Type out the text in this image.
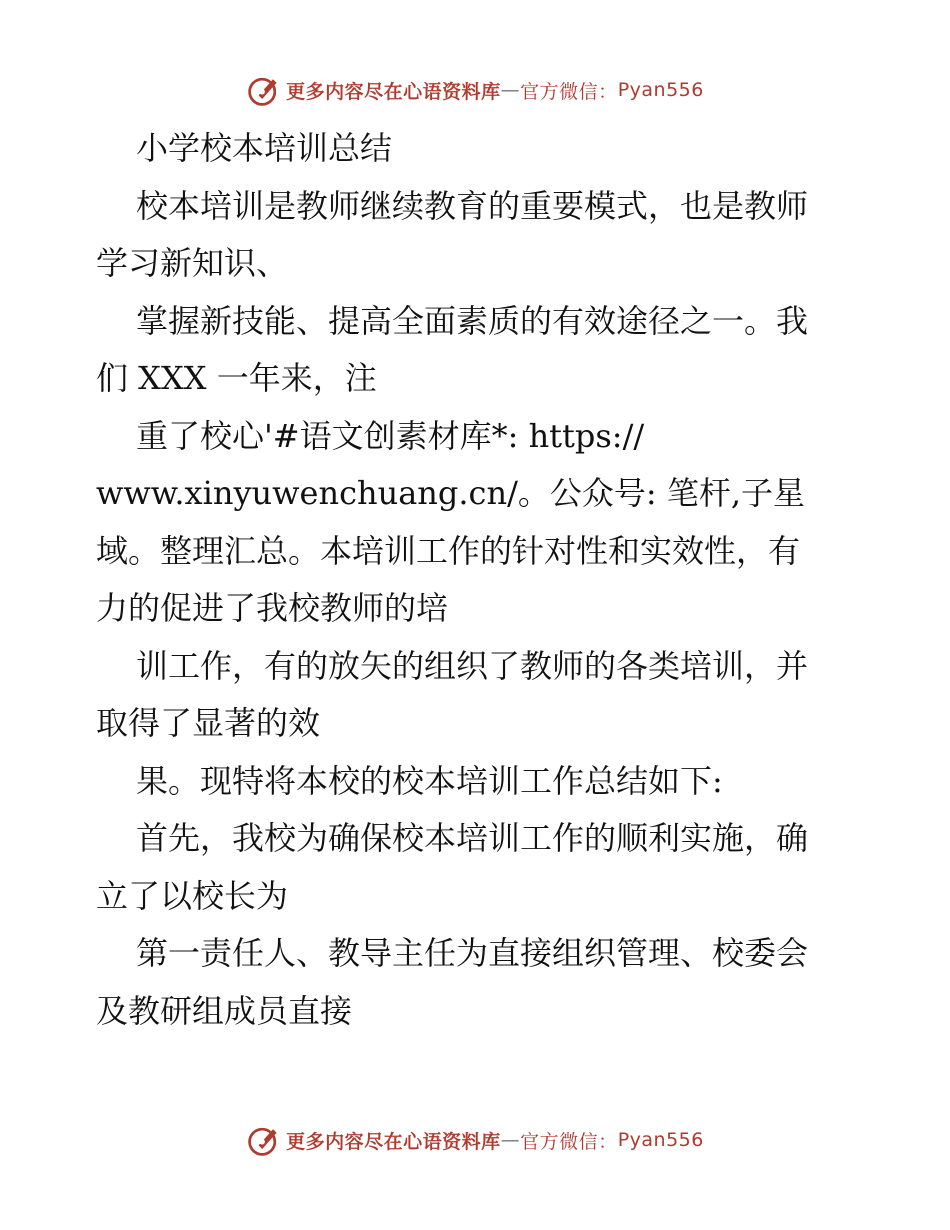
更多内容尽在心语资料库 — 官方微信： Pyan556
小学校本培训总结
校本培训是教师继续教育的重要模式，也是教师
学习新知识、
掌握新技能、提高全面素质的有效途径之一。我
们 XXX 一年来，注
重了校心'#语文创素材库*: https://
www.xinyuwenchuang.cn/。公众号: 笔杆,子星
域。整理汇总。本培训工作的针对性和实效性，有
力的促进了我校教师的培
训工作，有的放矢的组织了教师的各类培训，并
取得了显著的效
果。现特将本校的校本培训工作总结如下:
首先，我校为确保校本培训工作的顺利实施，确
立了以校长为
第一责任人、教导主任为直接组织管理、校委会
及教研组成员直接
更多内容尽在心语资料库 — 官方微信： Pyan556
